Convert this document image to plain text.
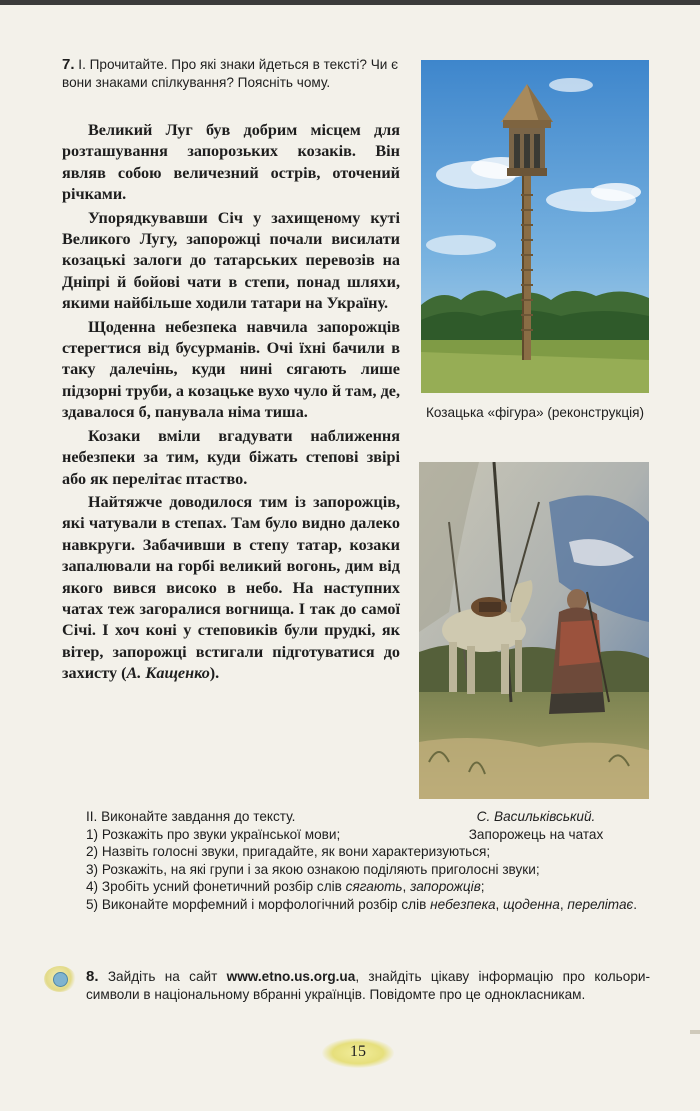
7. І. Прочитайте. Про які знаки йдеться в тексті? Чи є вони знаками спілкування? Поясніть чому.

Великий Луг був добрим місцем для розташування запорозьких козаків. Він являв собою величезний острів, оточений річками.

Упорядкувавши Січ у захищеному куті Великого Лугу, запорожці почали висилати козацькі залоги до татарських перевозів на Дніпрі й бойові чати в степи, понад шляхи, якими найбільше ходили татари на Україну.

Щоденна небезпека навчила запорожців стерегтися від бусурманів. Очі їхні бачили в таку далечінь, куди нині сягають лише підзорні труби, а козацьке вухо чуло й там, де, здавалося б, панувала німа тиша.

Козаки вміли вгадувати наближення небезпеки за тим, куди біжать степові звірі або як перелітає птаство.

Найтяжче доводилося тим із запорожців, які чатували в степах. Там було видно далеко навкруги. Забачивши в степу татар, козаки запалювали на горбі великий вогонь, дим від якого вився високо в небо. На наступних чатах теж загоралися вогнища. І так до самої Січі. І хоч коні у степовиків були прудкі, як вітер, запорожці встигали підготуватися до захисту (А. Кащенко).

ІІ. Виконайте завдання до тексту.
1) Розкажіть про звуки української мови;
2) Назвіть голосні звуки, пригадайте, як вони характеризуються;
3) Розкажіть, на які групи і за якою ознакою поділяють приголосні звуки;
4) Зробіть усний фонетичний розбір слів сягають, запорожців;
5) Виконайте морфемний і морфологічний розбір слів небезпека, щоденна, перелітає.
8. Зайдіть на сайт www.etno.us.org.ua, знайдіть цікаву інформацію про кольори-символи в національному вбранні українців. Повідомте про це однокласникам.
Козацька «фігура» (реконструкція)
С. Васильківський.
Запорожець на чатах
15
